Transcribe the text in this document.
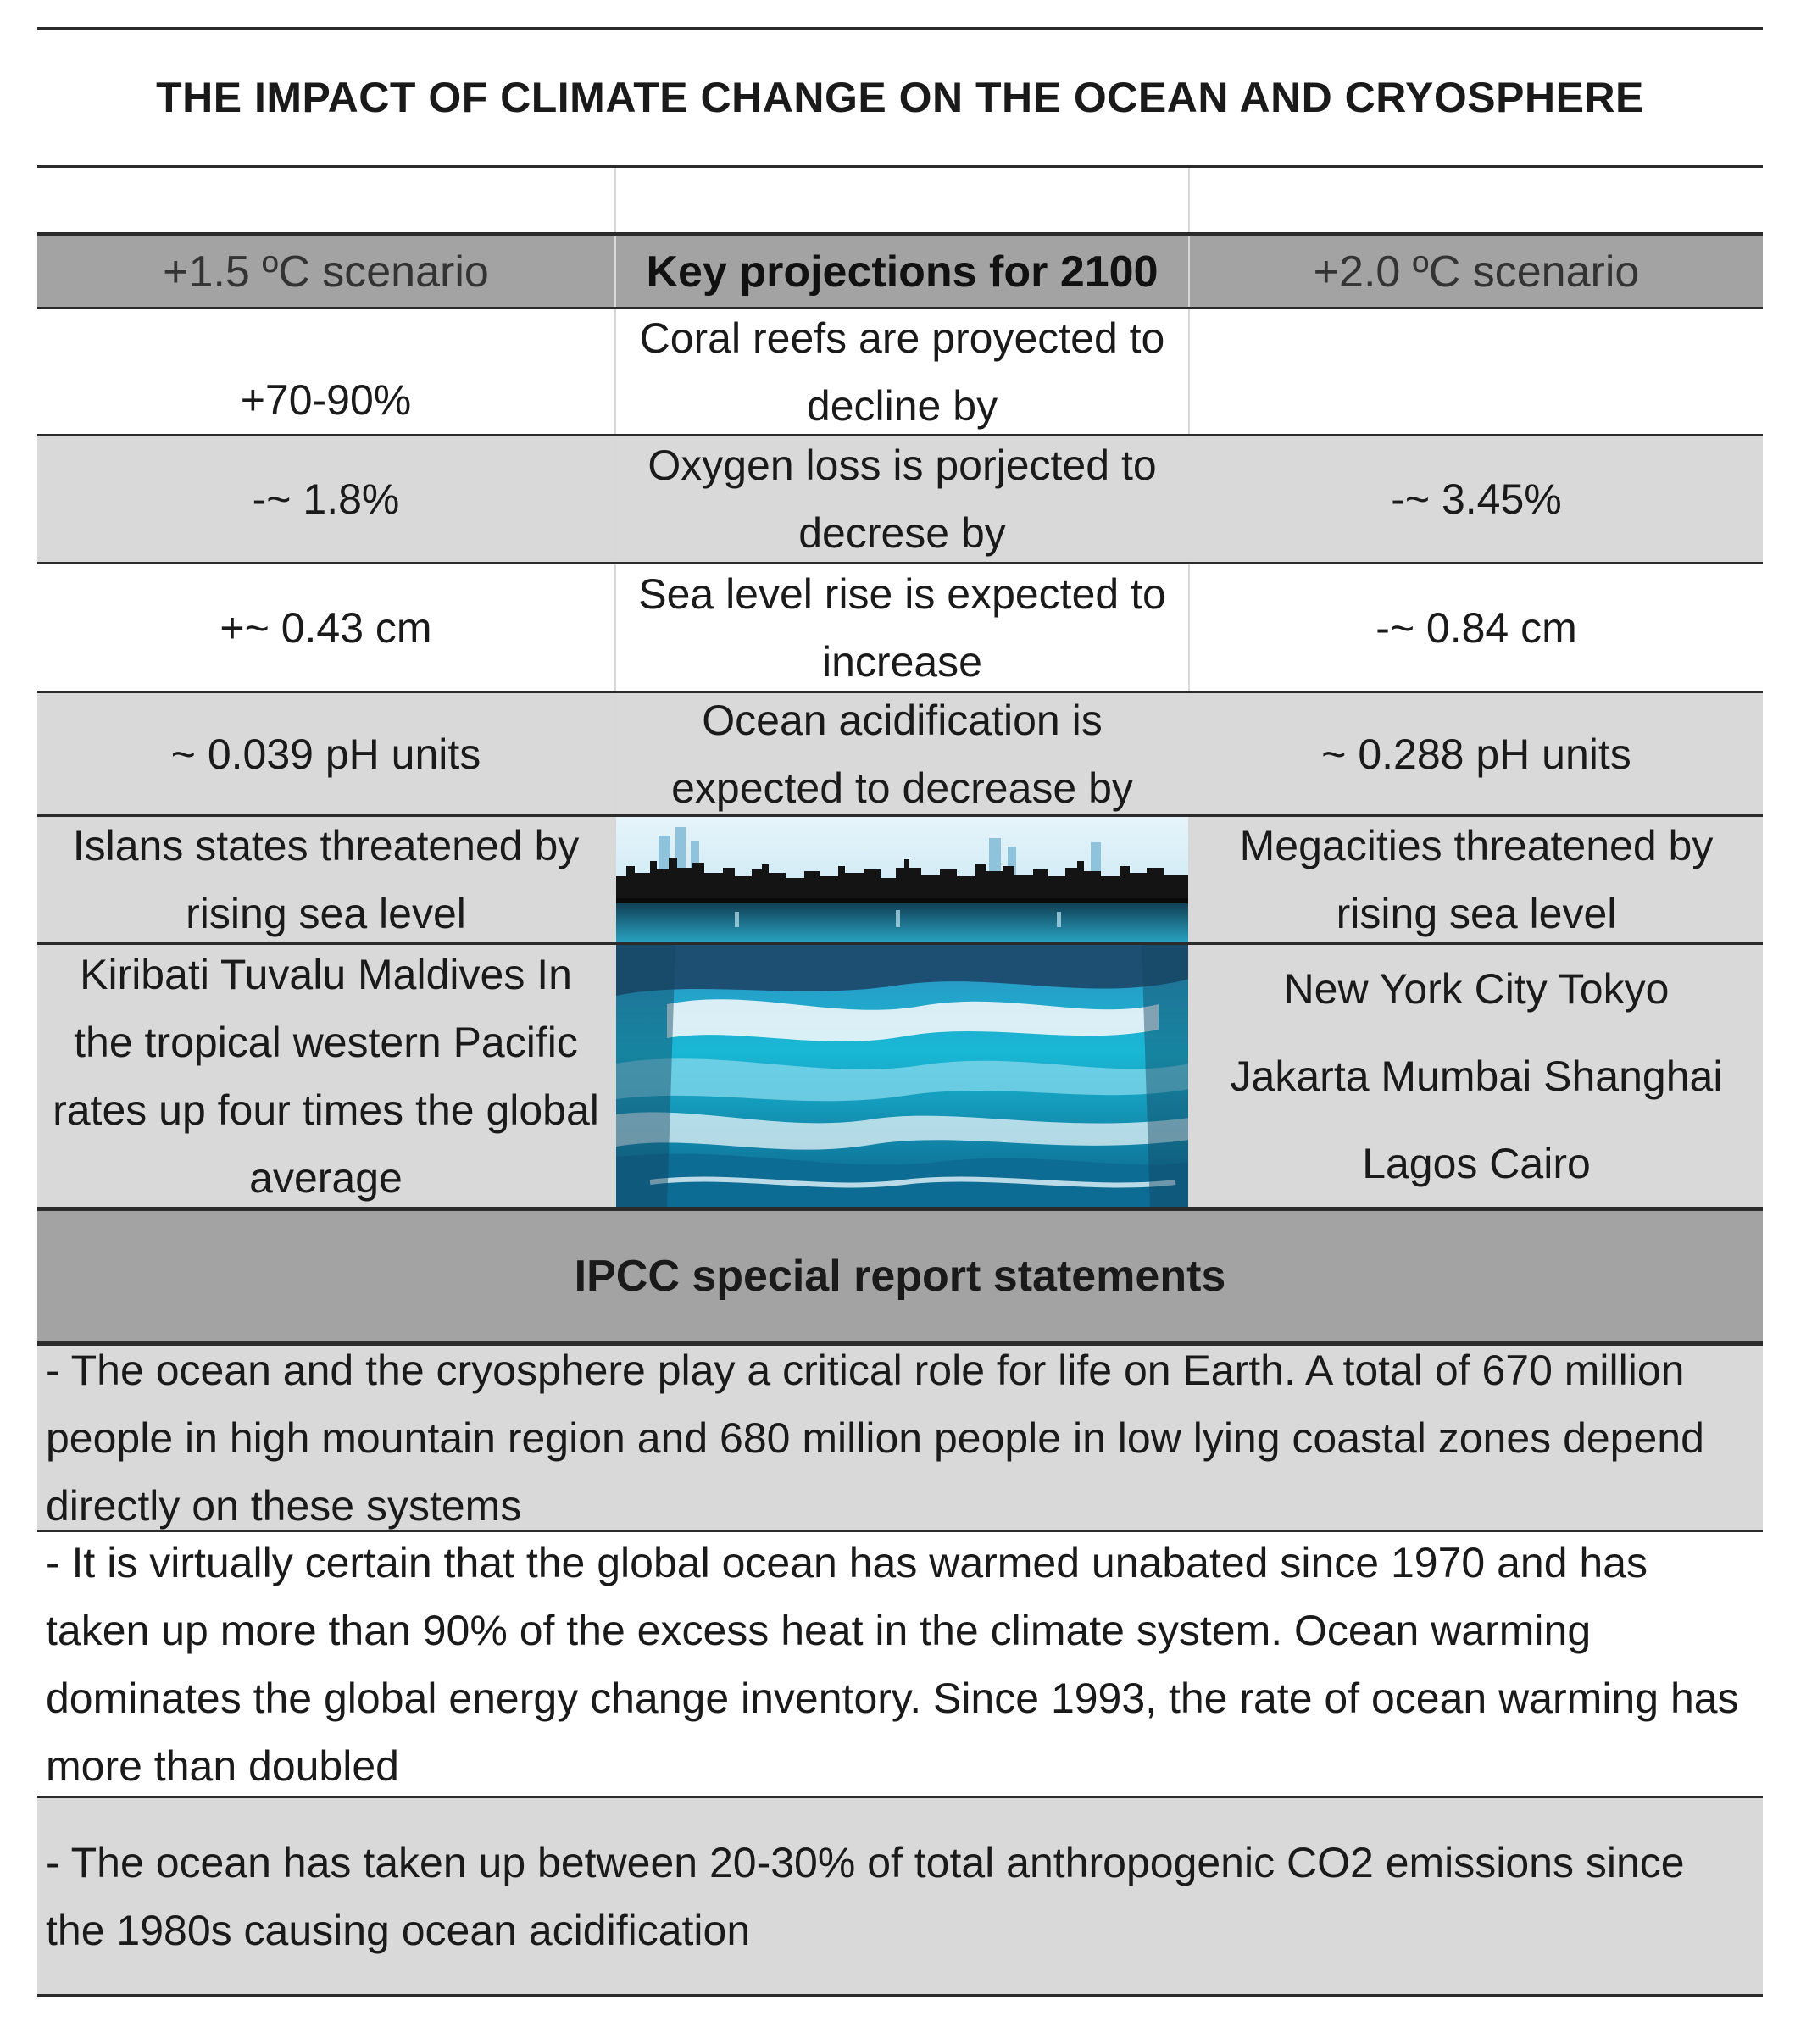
THE IMPACT OF CLIMATE CHANGE ON THE OCEAN AND CRYOSPHERE
+1.5 ºC scenario	Key projections for 2100	+2.0 ºC scenario
+70-90%
Coral reefs are proyected to decline by
-~ 1.8%
Oxygen loss is porjected to decrese by
-~ 3.45%
+~ 0.43 cm
Sea level rise is expected to increase
-~ 0.84 cm
~ 0.039 pH units
Ocean acidification is expected to decrease by
~ 0.288 pH units
Islans states threatened by rising sea level
Megacities threatened by rising sea level
Kiribati Tuvalu Maldives In the tropical western Pacific rates up four times the global average
New York City Tokyo
Jakarta Mumbai Shanghai
Lagos Cairo
IPCC special report statements
- The ocean and the cryosphere play a critical role for life on Earth. A total of 670 million people in high mountain region and 680 million people in low lying coastal zones depend directly on these systems
- It is virtually certain that the global ocean has warmed unabated since 1970 and has taken up more than 90% of the excess heat in the climate system. Ocean warming dominates the global energy change inventory. Since 1993, the rate of ocean warming has more than doubled
- The ocean has taken up between 20-30% of total anthropogenic CO2 emissions since the 1980s causing ocean acidification
